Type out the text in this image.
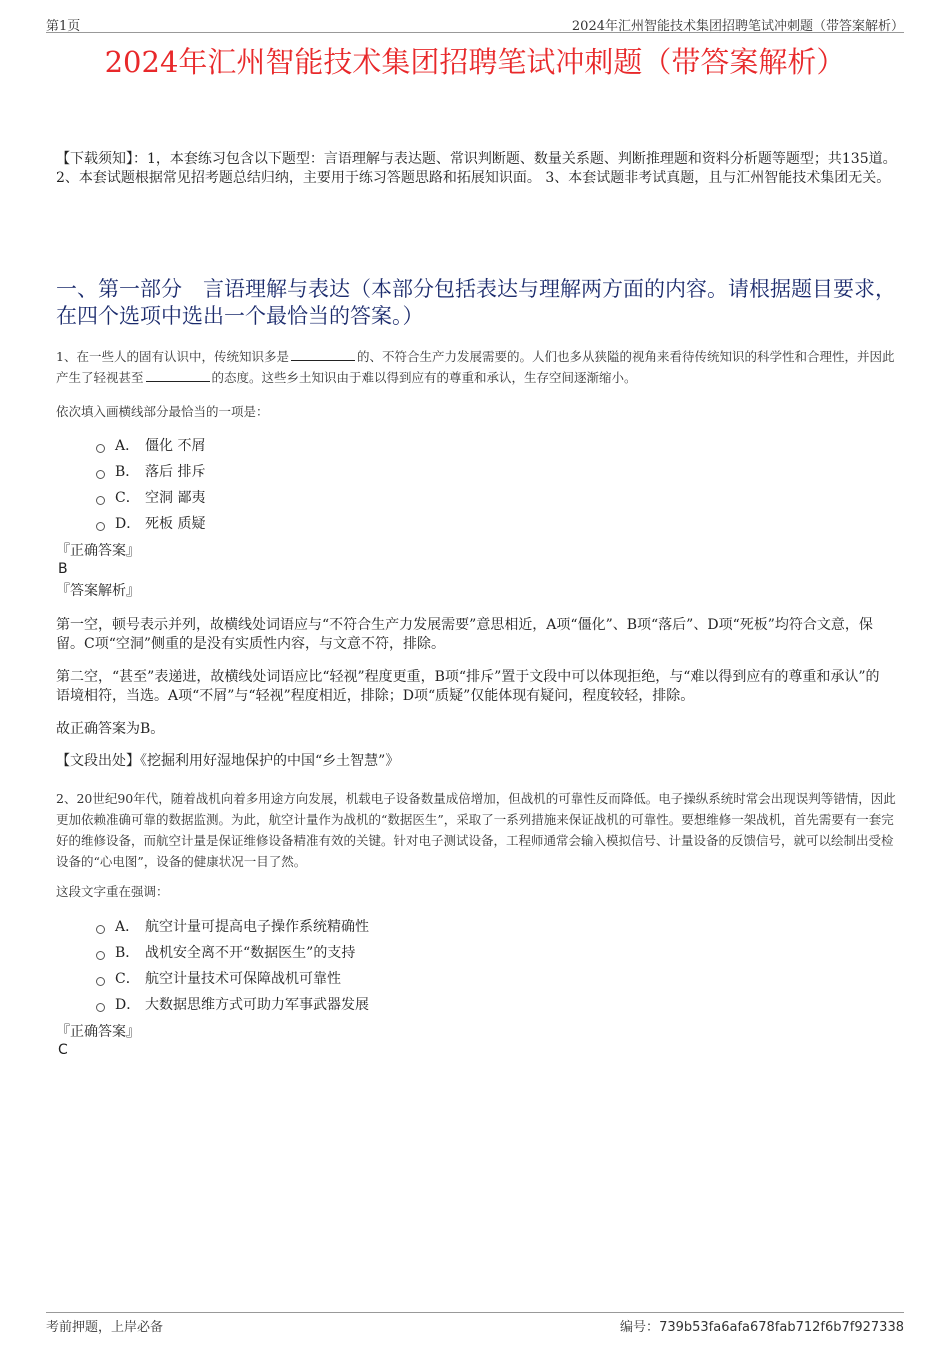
第1页	2024年汇州智能技术集团招聘笔试冲刺题（带答案解析）
2024年汇州智能技术集团招聘笔试冲刺题（带答案解析）
【下载须知】：1，本套练习包含以下题型：言语理解与表达题、常识判断题、数量关系题、判断推理题和资料分析题等题型；共135道。 2、本套试题根据常见招考题总结归纳，主要用于练习答题思路和拓展知识面。 3、本套试题非考试真题，且与汇州智能技术集团无关。
一、第一部分　言语理解与表达（本部分包括表达与理解两方面的内容。请根据题目要求，在四个选项中选出一个最恰当的答案。）
1、在一些人的固有认识中，传统知识多是	的、不符合生产力发展需要的。人们也多从狭隘的视角来看待传统知识的科学性和合理性，并因此产生了轻视甚至	的态度。这些乡土知识由于难以得到应有的尊重和承认，生存空间逐渐缩小。
依次填入画横线部分最恰当的一项是：
A． 僵化 不屑
B． 落后 排斥
C． 空洞 鄙夷
D． 死板 质疑
『正确答案』
B
『答案解析』
第一空，顿号表示并列，故横线处词语应与“不符合生产力发展需要”意思相近，A项“僵化”、B项“落后”、D项“死板”均符合文意，保留。C项“空洞”侧重的是没有实质性内容，与文意不符，排除。
第二空，“甚至”表递进，故横线处词语应比“轻视”程度更重，B项“排斥”置于文段中可以体现拒绝，与“难以得到应有的尊重和承认”的语境相符，当选。A项“不屑”与“轻视”程度相近，排除；D项“质疑”仅能体现有疑问，程度较轻，排除。
故正确答案为B。
【文段出处】《挖掘利用好湿地保护的中国“乡土智慧”》
2、20世纪90年代，随着战机向着多用途方向发展，机载电子设备数量成倍增加，但战机的可靠性反而降低。电子操纵系统时常会出现误判等错情，因此更加依赖准确可靠的数据监测。为此，航空计量作为战机的“数据医生”，采取了一系列措施来保证战机的可靠性。要想维修一架战机，首先需要有一套完好的维修设备，而航空计量是保证维修设备精准有效的关键。针对电子测试设备，工程师通常会输入模拟信号、计量设备的反馈信号，就可以绘制出受检设备的“心电图”，设备的健康状况一目了然。
这段文字重在强调：
A． 航空计量可提高电子操作系统精确性
B． 战机安全离不开“数据医生”的支持
C． 航空计量技术可保障战机可靠性
D． 大数据思维方式可助力军事武器发展
『正确答案』
C
考前押题，上岸必备	编号：739b53fa6afa678fab712f6b7f927338
